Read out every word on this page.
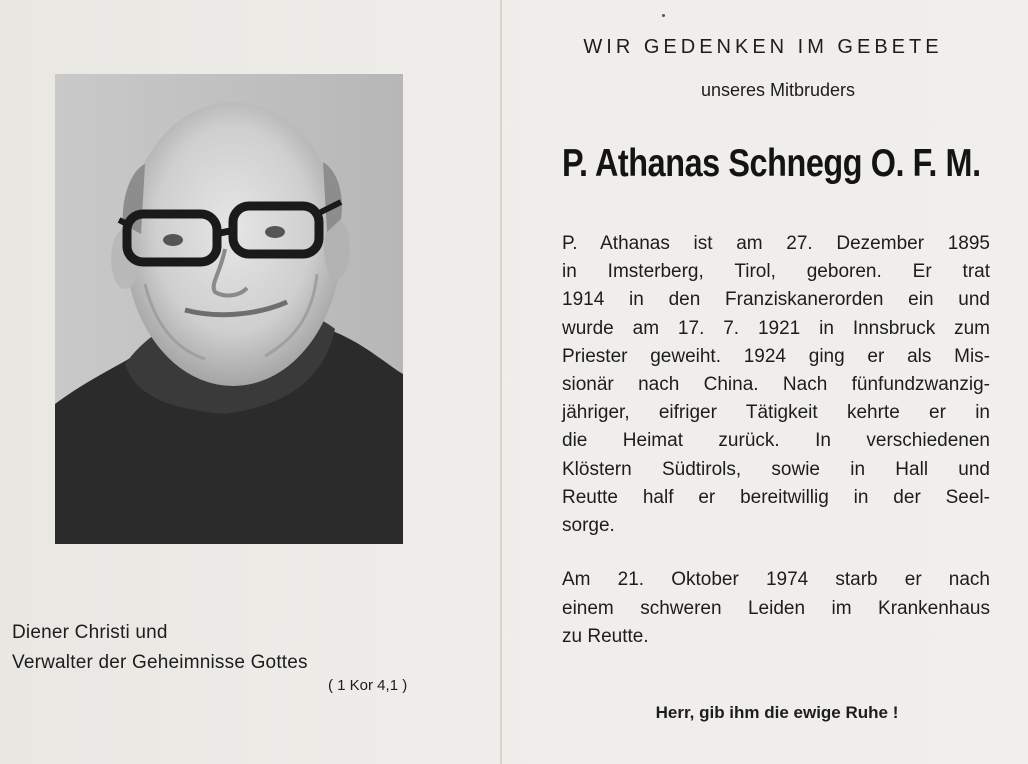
Diener Christi und
Verwalter der Geheimnisse Gottes
( 1 Kor 4,1 )
WIR GEDENKEN IM GEBETE
unseres Mitbruders
P. Athanas Schnegg O. F. M.
P. Athanas ist am 27. Dezember 1895
in Imsterberg, Tirol, geboren. Er trat
1914 in den Franziskanerorden ein und
wurde am 17. 7. 1921 in Innsbruck zum
Priester geweiht. 1924 ging er als Mis-
sionär nach China. Nach fünfundzwanzig-
jähriger, eifriger Tätigkeit kehrte er in
die Heimat zurück. In verschiedenen
Klöstern Südtirols, sowie in Hall und
Reutte half er bereitwillig in der Seel-
sorge.
Am 21. Oktober 1974 starb er nach
einem schweren Leiden im Krankenhaus
zu Reutte.
Herr, gib ihm die ewige Ruhe !
